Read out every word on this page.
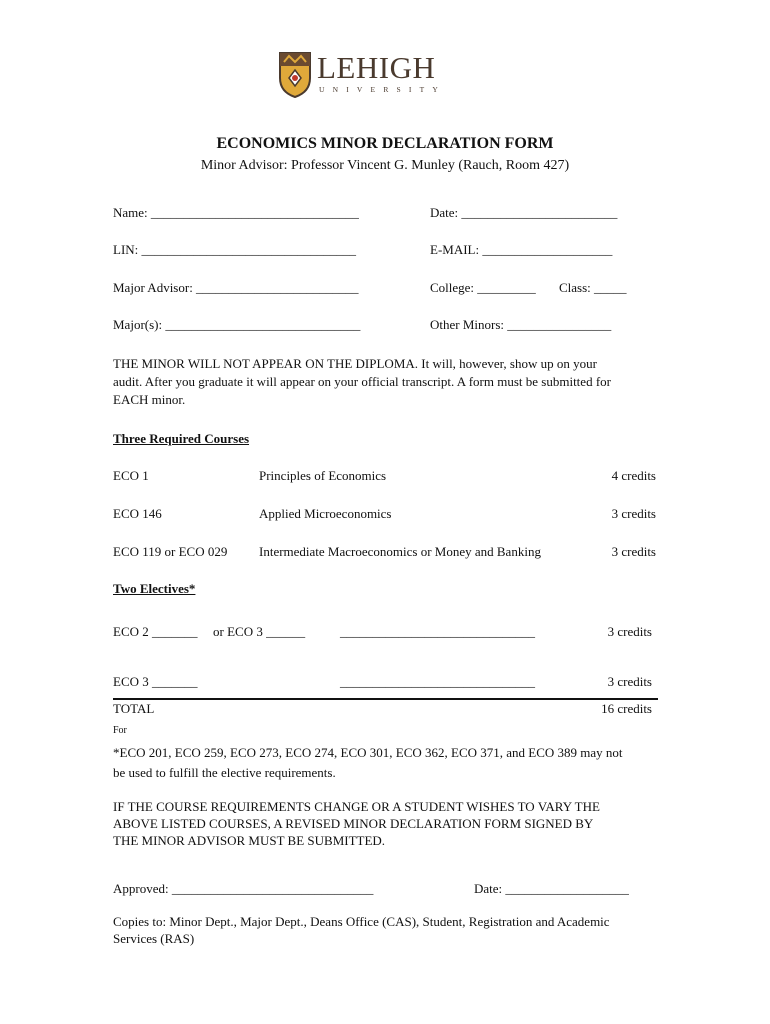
LEHIGH
UNIVERSITY
ECONOMICS MINOR DECLARATION FORM
Minor Advisor: Professor Vincent G. Munley (Rauch, Room 427)
Name: ________________________________	Date: ________________________
LIN: _________________________________	E-MAIL: ____________________
Major Advisor: _________________________	College: _________ Class: _____
Major(s): ______________________________	Other Minors: ________________
THE MINOR WILL NOT APPEAR ON THE DIPLOMA. It will, however, show up on your
audit. After you graduate it will appear on your official transcript. A form must be submitted for
EACH minor.
Three Required Courses
ECO 1	Principles of Economics	4 credits
ECO 146	Applied Microeconomics	3 credits
ECO 119 or ECO 029 Intermediate Macroeconomics or Money and Banking	3 credits
Two Electives*
ECO 2 _______ or ECO 3 ______	______________________________	3 credits
ECO 3 _______	______________________________	3 credits
TOTAL	16 credits
For
*ECO 201, ECO 259, ECO 273, ECO 274, ECO 301, ECO 362, ECO 371, and ECO 389 may not
be used to fulfill the elective requirements.
IF THE COURSE REQUIREMENTS CHANGE OR A STUDENT WISHES TO VARY THE
ABOVE LISTED COURSES, A REVISED MINOR DECLARATION FORM SIGNED BY
THE MINOR ADVISOR MUST BE SUBMITTED.
Approved: _______________________________	Date: ___________________
Copies to: Minor Dept., Major Dept., Deans Office (CAS), Student, Registration and Academic
Services (RAS)
